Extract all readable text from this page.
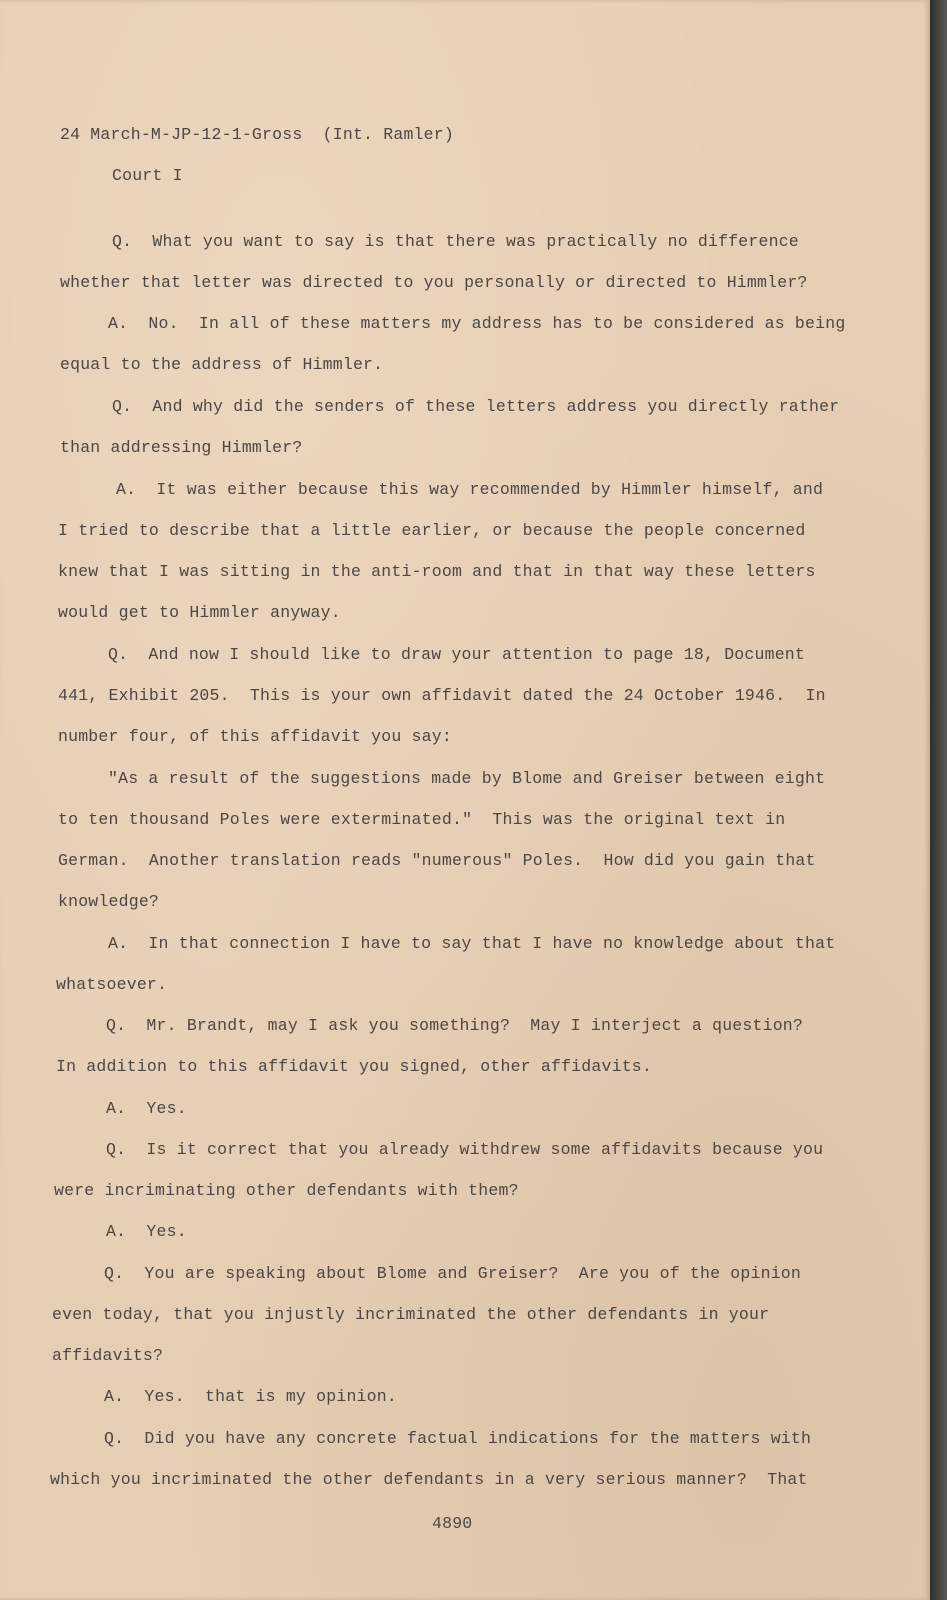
24 March-M-JP-12-1-Gross  (Int. Ramler)

Court I

Q.  What you want to say is that there was practically no difference

whether that letter was directed to you personally or directed to Himmler?

A.  No.  In all of these matters my address has to be considered as being

equal to the address of Himmler.

Q.  And why did the senders of these letters address you directly rather

than addressing Himmler?

A.  It was either because this way recommended by Himmler himself, and

I tried to describe that a little earlier, or because the people concerned

knew that I was sitting in the anti-room and that in that way these letters

would get to Himmler anyway.

Q.  And now I should like to draw your attention to page 18, Document

441, Exhibit 205.  This is your own affidavit dated the 24 October 1946.  In

number four, of this affidavit you say:

"As a result of the suggestions made by Blome and Greiser between eight

to ten thousand Poles were exterminated."  This was the original text in

German.  Another translation reads "numerous" Poles.  How did you gain that

knowledge?

A.  In that connection I have to say that I have no knowledge about that

whatsoever.

Q.  Mr. Brandt, may I ask you something?  May I interject a question?

In addition to this affidavit you signed, other affidavits.

A.  Yes.

Q.  Is it correct that you already withdrew some affidavits because you

were incriminating other defendants with them?

A.  Yes.

Q.  You are speaking about Blome and Greiser?  Are you of the opinion

even today, that you injustly incriminated the other defendants in your

affidavits?

A.  Yes.  that is my opinion.

Q.  Did you have any concrete factual indications for the matters with

which you incriminated the other defendants in a very serious manner?  That

4890
